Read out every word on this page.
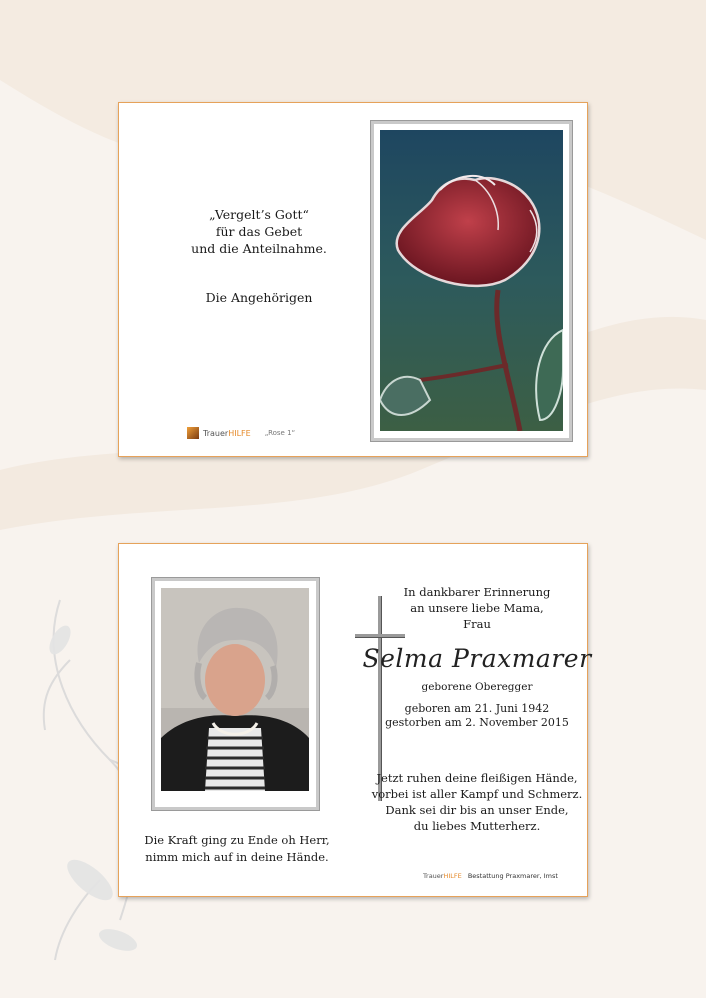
„Vergelt’s Gott“
für das Gebet
und die Anteilnahme.
Die Angehörigen
Trauer HILFE „Rose 1“
Die Kraft ging zu Ende oh Herr,
nimm mich auf in deine Hände.
In dankbarer Erinnerung
an unsere liebe Mama,
Frau
Selma Praxmarer
geborene Oberegger
geboren am 21. Juni 1942
gestorben am 2. November 2015
Jetzt ruhen deine fleißigen Hände,
vorbei ist aller Kampf und Schmerz.
Dank sei dir bis an unser Ende,
du liebes Mutterherz.
TrauerHILFE Bestattung Praxmarer, Imst
